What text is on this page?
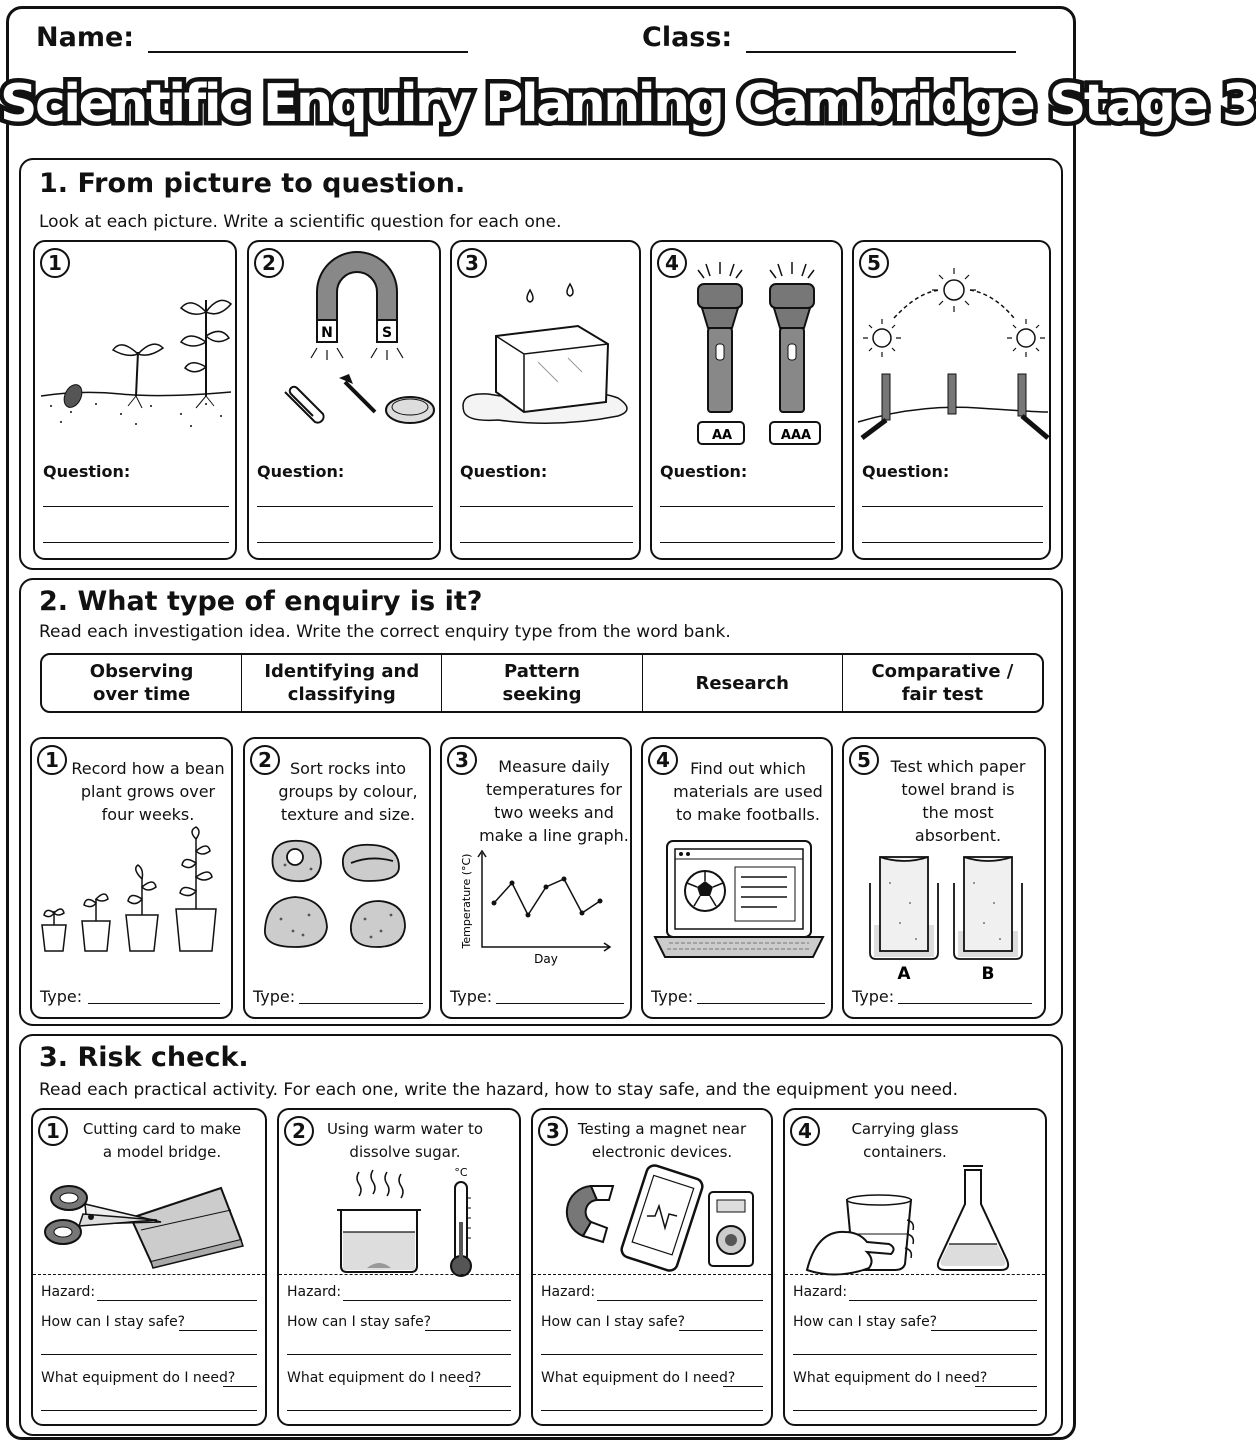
Name:	Class:
Scientific Enquiry Planning Cambridge Stage 3
1. From picture to question.
Look at each picture. Write a scientific question for each one.
1
Question:
2
N	S
Question:
3
Question:
4
AA	AAA
Question:
5
Question:
2. What type of enquiry is it?
Read each investigation idea. Write the correct enquiry type from the word bank.
Observing
over time
Identifying and
classifying
Pattern
seeking
Research
Comparative /
fair test
1 Record how a bean
plant grows over
four weeks.
Type:
2	Sort rocks into
groups by colour,
texture and size.
Type:
3	Measure daily
temperatures for
two weeks and
make a line graph.
Temperature (°C)
Day
Type:
4	Find out which
materials are used
to make footballs.
Type:
5	Test which paper
towel brand is
the most
absorbent.
A	B
Type:
3. Risk check.
Read each practical activity. For each one, write the hazard, how to stay safe, and the equipment you need.
1	Cutting card to make
a model bridge.
Hazard:
How can I stay safe?
What equipment do I need?
2	Using warm water to
dissolve sugar.
°C
Hazard:
How can I stay safe?
What equipment do I need?
3	Testing a magnet near
electronic devices.
Hazard:
How can I stay safe?
What equipment do I need?
4	Carrying glass
containers.
Hazard:
How can I stay safe?
What equipment do I need?
